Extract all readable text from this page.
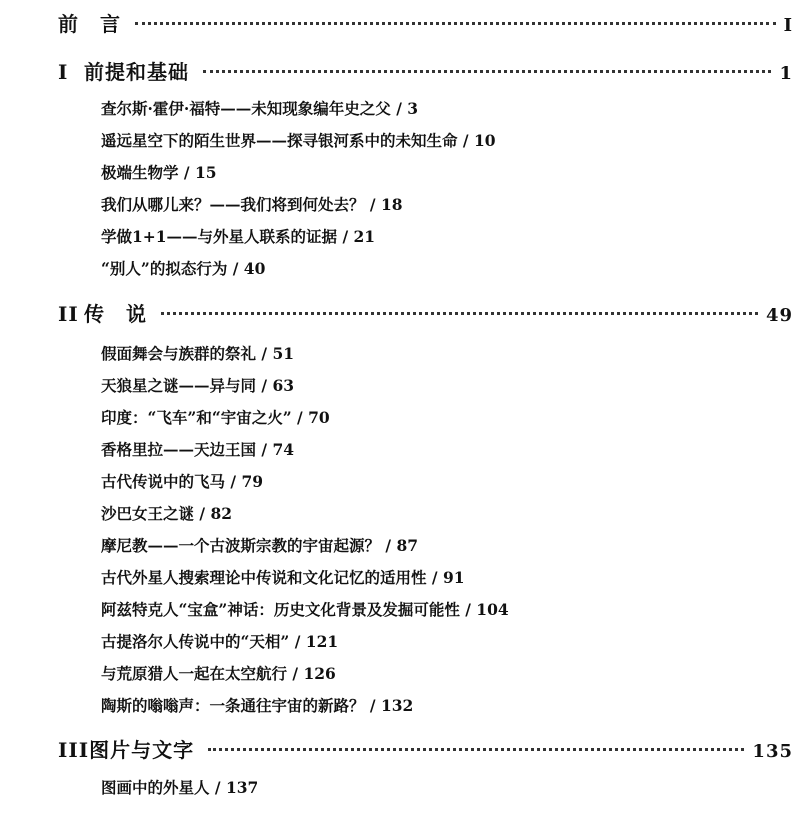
前　言	I
I 前提和基础	1
查尔斯·霍伊·福特——未知现象编年史之父 / 3
遥远星空下的陌生世界——探寻银河系中的未知生命 / 10
极端生物学 / 15
我们从哪儿来？——我们将到何处去？ / 18
学做1+1——与外星人联系的证据 / 21
“别人”的拟态行为 / 40
II 传　说	49
假面舞会与族群的祭礼 / 51
天狼星之谜——异与同 / 63
印度：“飞车”和“宇宙之火” / 70
香格里拉——天边王国 / 74
古代传说中的飞马 / 79
沙巴女王之谜 / 82
摩尼教——一个古波斯宗教的宇宙起源？ / 87
古代外星人搜索理论中传说和文化记忆的适用性 / 91
阿兹特克人“宝盒”神话：历史文化背景及发掘可能性 / 104
古提洛尔人传说中的“天相” / 121
与荒原猎人一起在太空航行 / 126
陶斯的嗡嗡声：一条通往宇宙的新路？ / 132
III图片与文字	135
图画中的外星人 / 137
